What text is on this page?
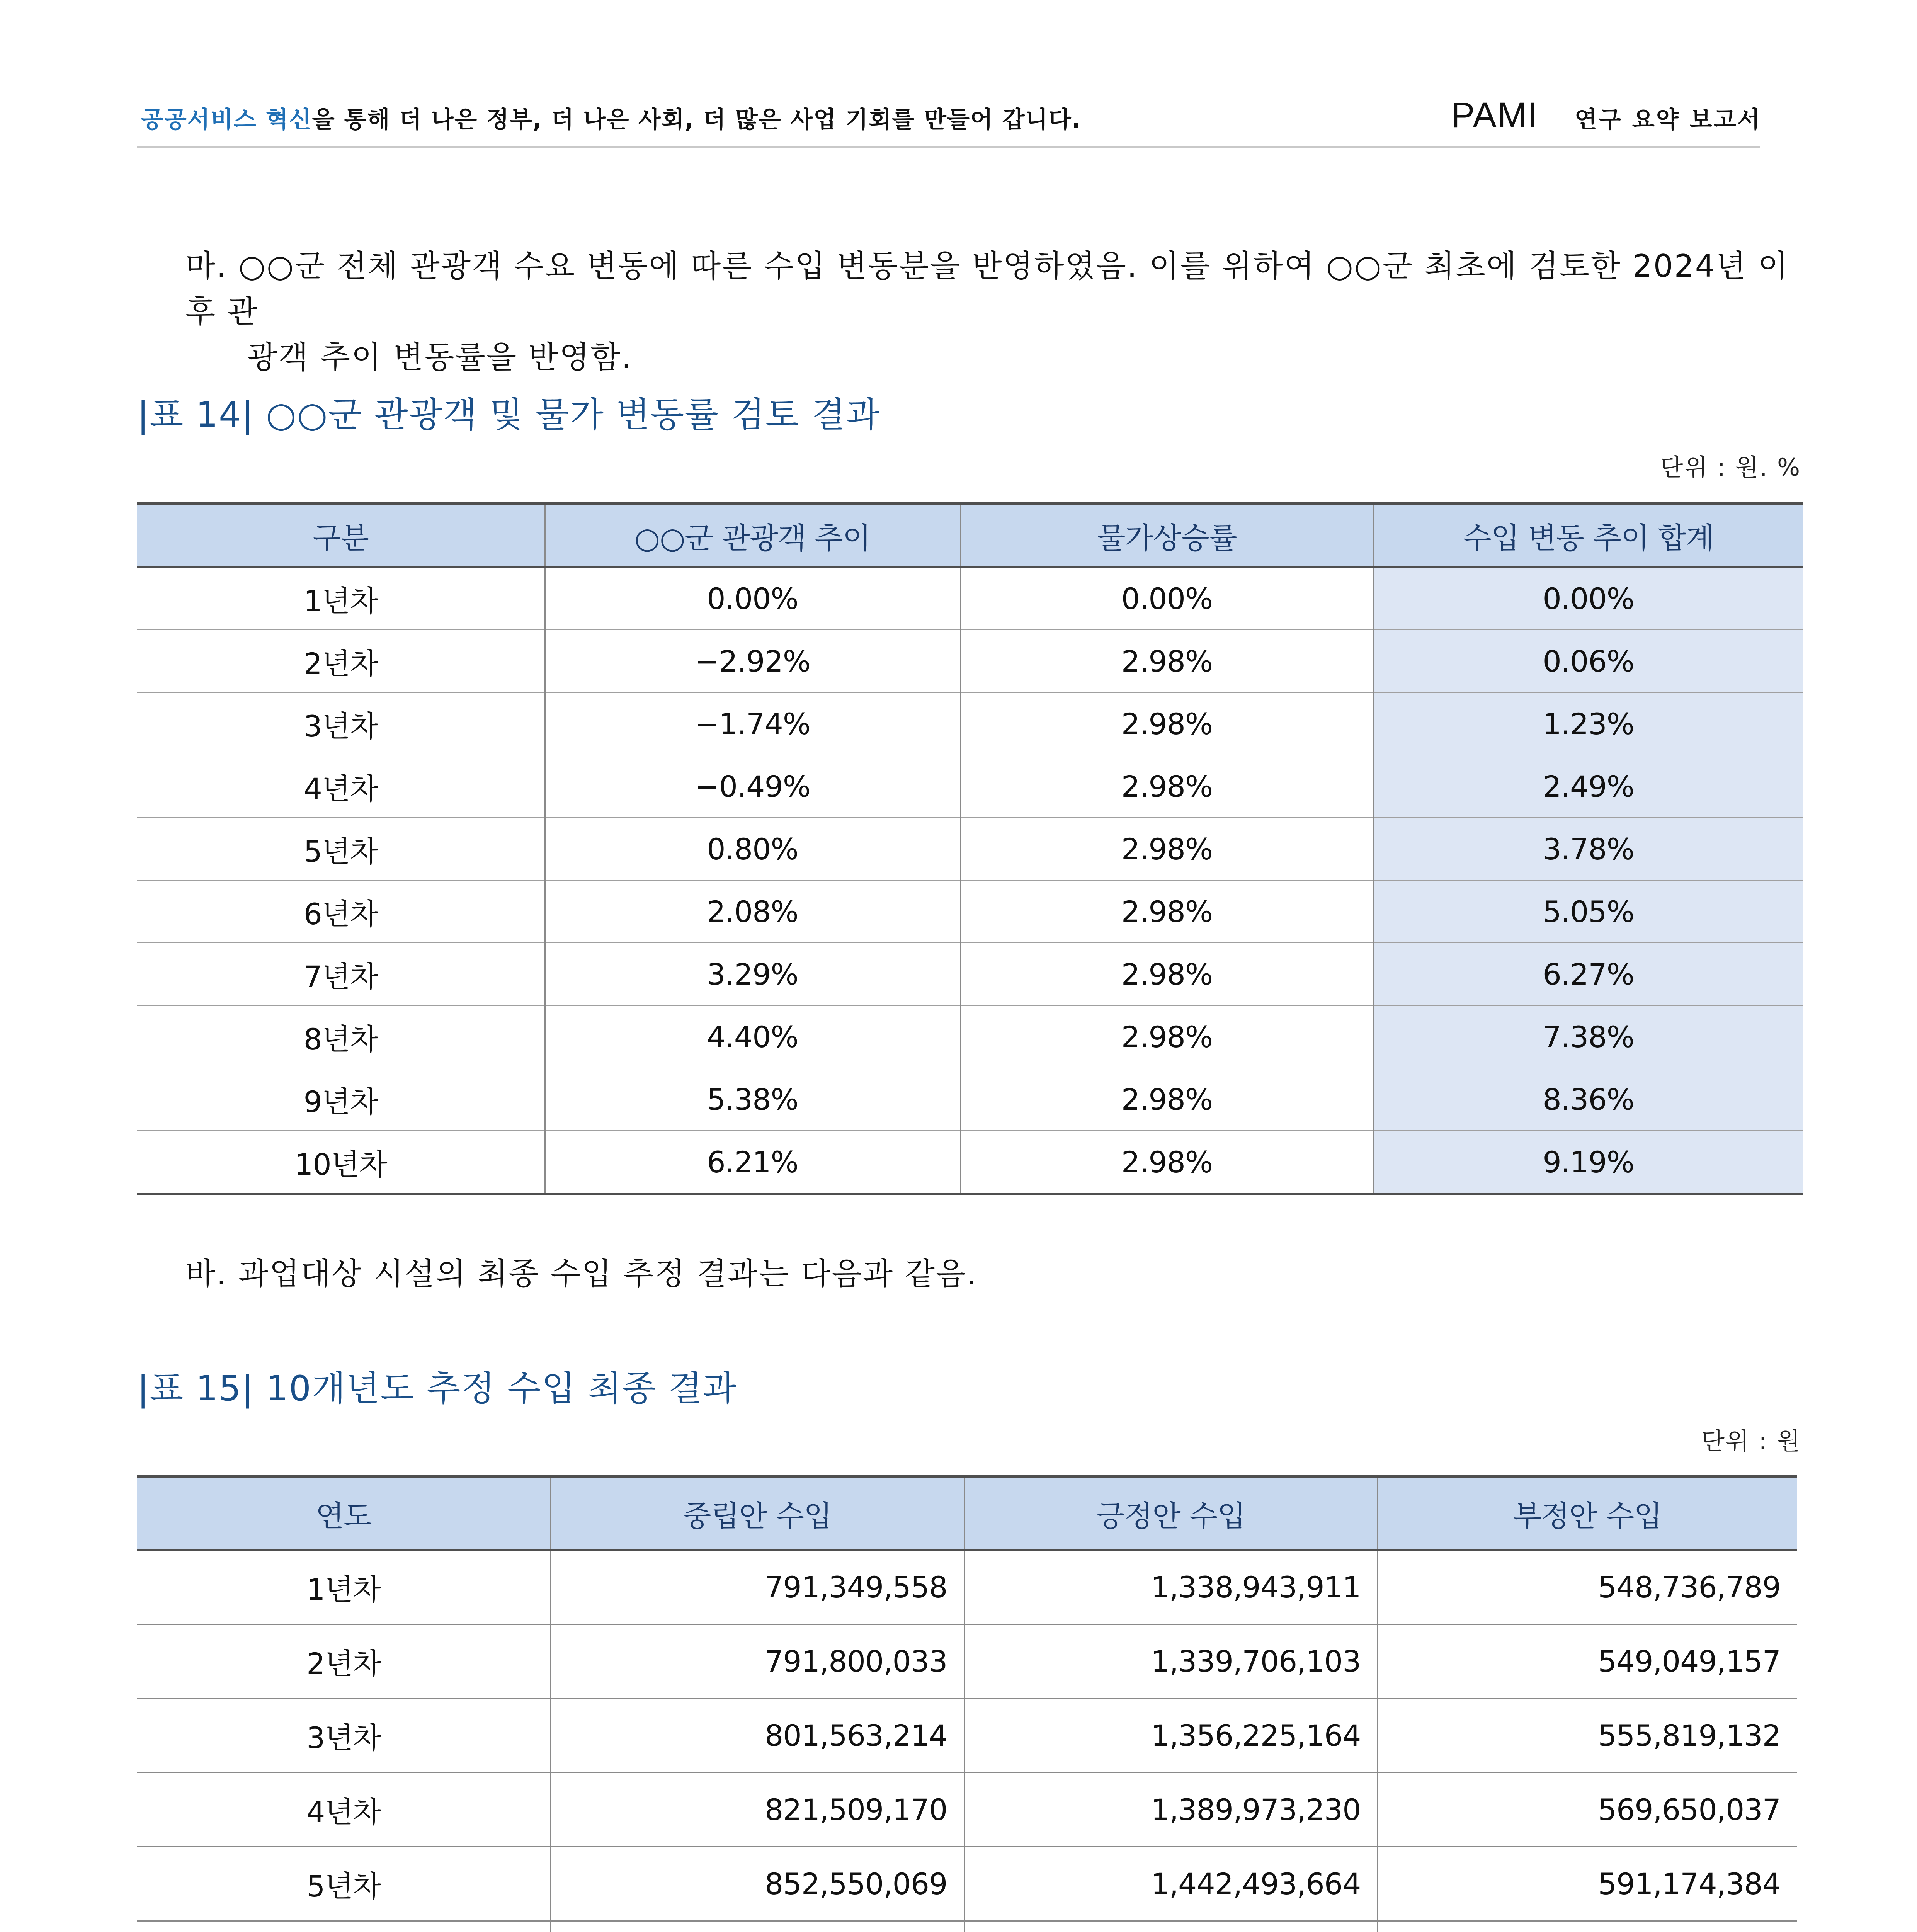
공공서비스 혁신을 통해 더 나은 정부, 더 나은 사회, 더 많은 사업 기회를 만들어 갑니다.	PAMI 연구 요약 보고서
마. ○○군 전체 관광객 수요 변동에 따른 수입 변동분을 반영하였음. 이를 위하여 ○○군 최초에 검토한 2024년 이후 관
광객 추이 변동률을 반영함.
|표 14| ○○군 관광객 및 물가 변동률 검토 결과
단위 : 원. %
구분	○○군 관광객 추이	물가상승률	수입 변동 추이 합계
1년차	0.00%	0.00%	0.00%
2년차	−2.92%	2.98%	0.06%
3년차	−1.74%	2.98%	1.23%
4년차	−0.49%	2.98%	2.49%
5년차	0.80%	2.98%	3.78%
6년차	2.08%	2.98%	5.05%
7년차	3.29%	2.98%	6.27%
8년차	4.40%	2.98%	7.38%
9년차	5.38%	2.98%	8.36%
10년차	6.21%	2.98%	9.19%
바. 과업대상 시설의 최종 수입 추정 결과는 다음과 같음.
|표 15| 10개년도 추정 수입 최종 결과
단위 : 원
연도	중립안 수입	긍정안 수입	부정안 수입
1년차	791,349,558	1,338,943,911	548,736,789
2년차	791,800,033	1,339,706,103	549,049,157
3년차	801,563,214	1,356,225,164	555,819,132
4년차	821,509,170	1,389,973,230	569,650,037
5년차	852,550,069	1,442,493,664	591,174,384
